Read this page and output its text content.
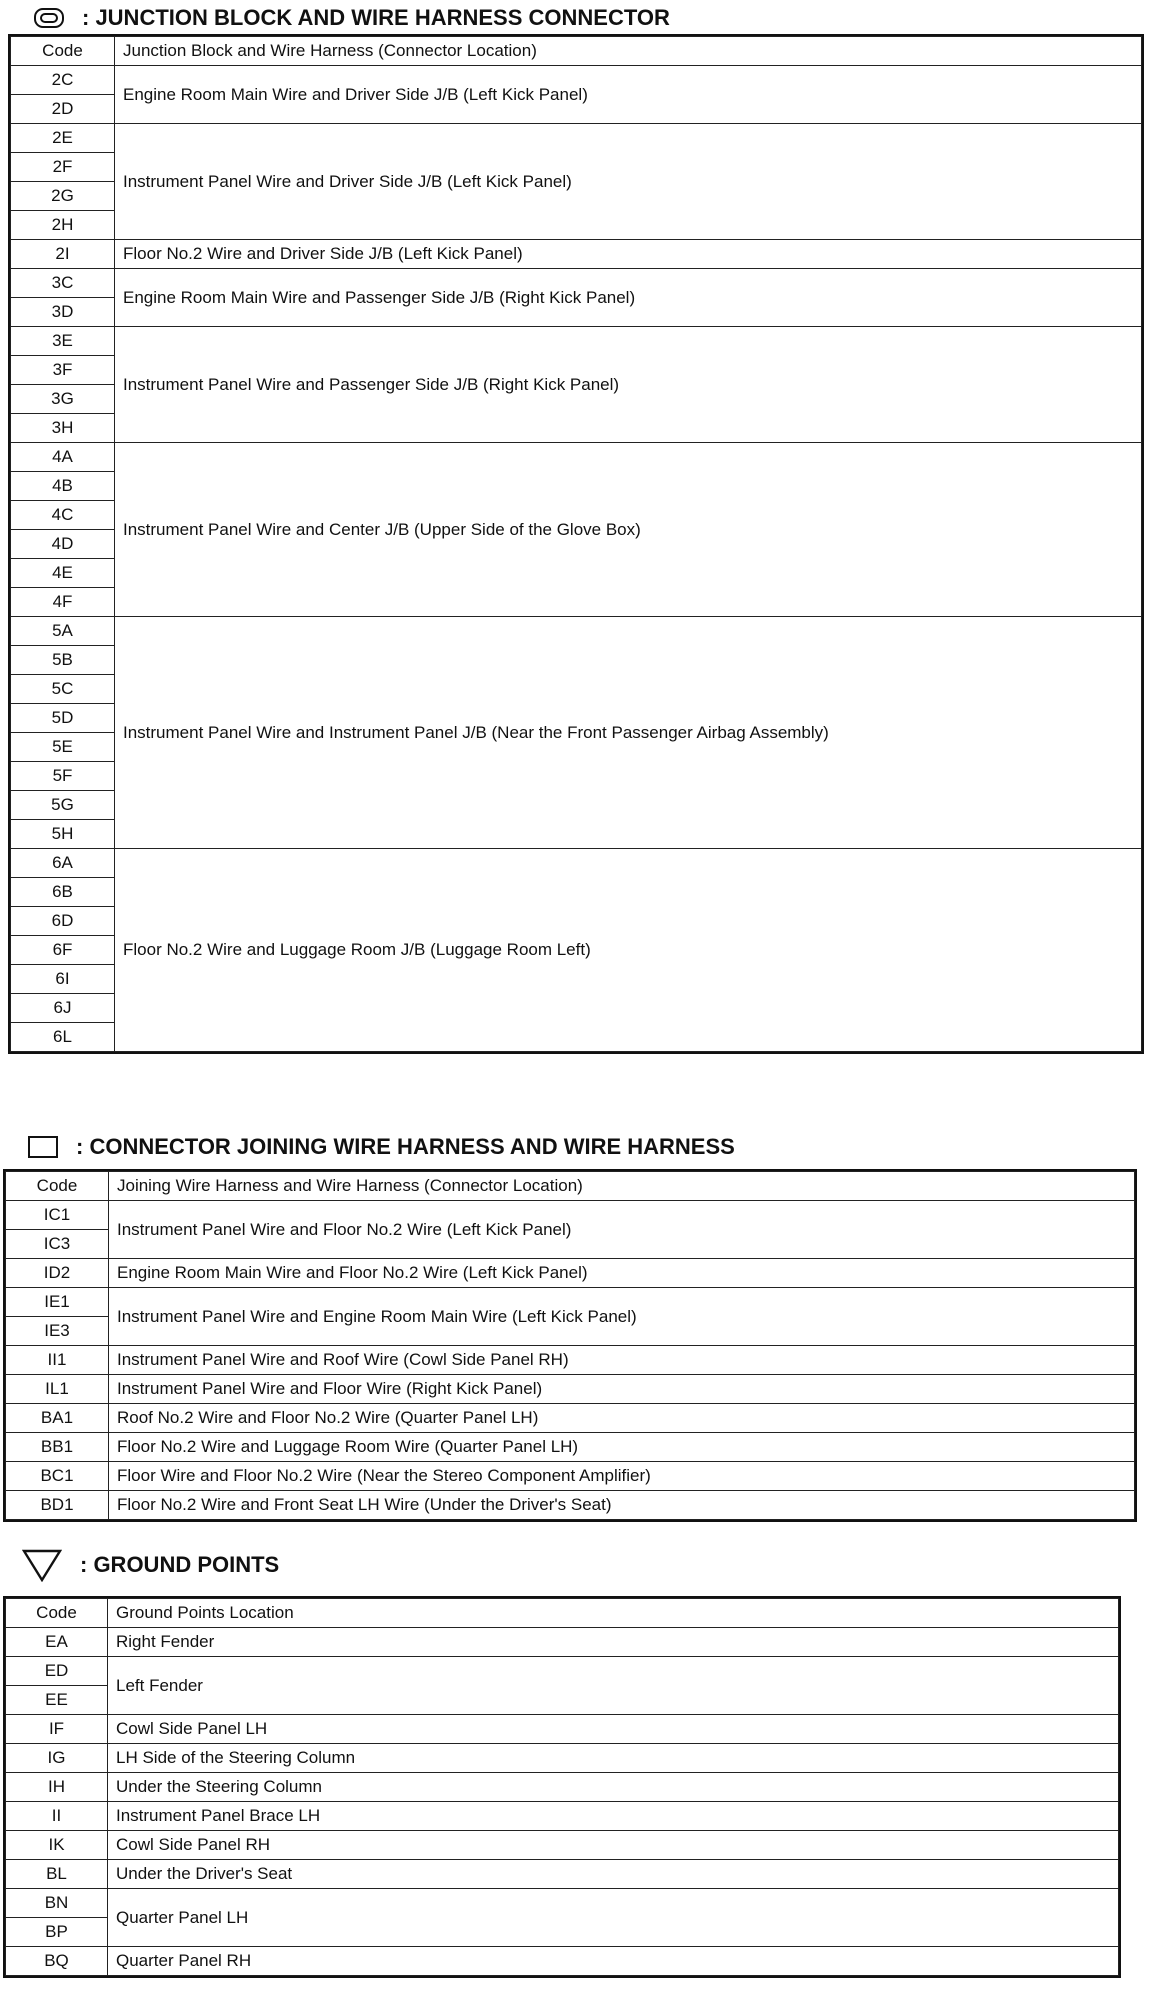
: JUNCTION BLOCK AND WIRE HARNESS CONNECTOR
Code	Junction Block and Wire Harness (Connector Location)
2C	Engine Room Main Wire and Driver Side J/B (Left Kick Panel)
2D	
2E	Instrument Panel Wire and Driver Side J/B (Left Kick Panel)
2F	
2G	
2H	
2I	Floor No.2 Wire and Driver Side J/B (Left Kick Panel)
3C	Engine Room Main Wire and Passenger Side J/B (Right Kick Panel)
3D	
3E	Instrument Panel Wire and Passenger Side J/B (Right Kick Panel)
3F	
3G	
3H	
4A	Instrument Panel Wire and Center J/B (Upper Side of the Glove Box)
4B	
4C	
4D	
4E	
4F	
5A	Instrument Panel Wire and Instrument Panel J/B (Near the Front Passenger Airbag Assembly)
5B	
5C	
5D	
5E	
5F	
5G	
5H	
6A	Floor No.2 Wire and Luggage Room J/B (Luggage Room Left)
6B	
6D	
6F	
6I	
6J	
6L	
: CONNECTOR JOINING WIRE HARNESS AND WIRE HARNESS
Code	Joining Wire Harness and Wire Harness (Connector Location)
IC1	Instrument Panel Wire and Floor No.2 Wire (Left Kick Panel)
IC3	
ID2	Engine Room Main Wire and Floor No.2 Wire (Left Kick Panel)
IE1	Instrument Panel Wire and Engine Room Main Wire (Left Kick Panel)
IE3	
II1	Instrument Panel Wire and Roof Wire (Cowl Side Panel RH)
IL1	Instrument Panel Wire and Floor Wire (Right Kick Panel)
BA1	Roof No.2 Wire and Floor No.2 Wire (Quarter Panel LH)
BB1	Floor No.2 Wire and Luggage Room Wire (Quarter Panel LH)
BC1	Floor Wire and Floor No.2 Wire (Near the Stereo Component Amplifier)
BD1	Floor No.2 Wire and Front Seat LH Wire (Under the Driver's Seat)
: GROUND POINTS
Code	Ground Points Location
EA	Right Fender
ED	Left Fender
EE	
IF	Cowl Side Panel LH
IG	LH Side of the Steering Column
IH	Under the Steering Column
II	Instrument Panel Brace LH
IK	Cowl Side Panel RH
BL	Under the Driver's Seat
BN	Quarter Panel LH
BP	
BQ	Quarter Panel RH
